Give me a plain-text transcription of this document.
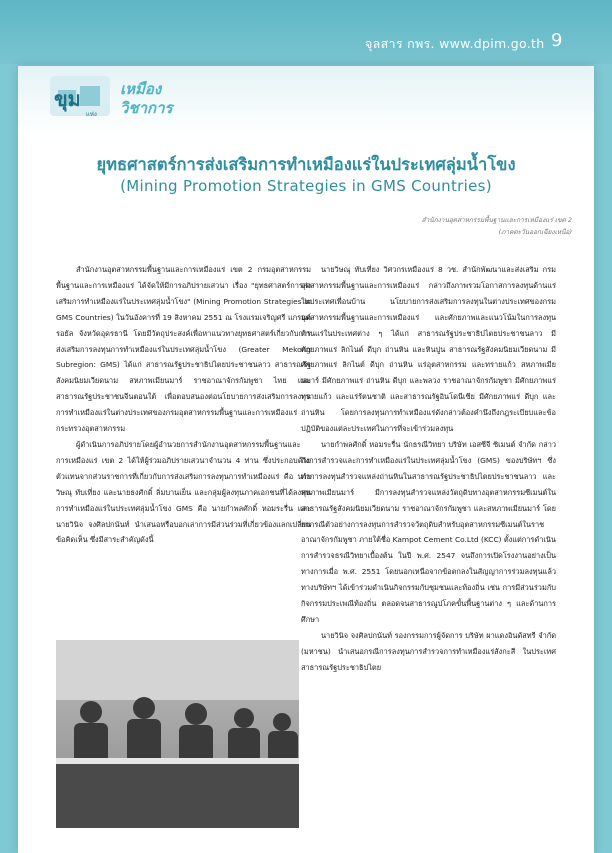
จุลสาร กพร. www.dpim.go.th 9
ขุม	เหมือง
แห่ง วิชาการ
ยุทธศาสตร์การส่งเสริมการทำเหมืองแร่ในประเทศลุ่มน้ำโขง
(Mining Promotion Strategies in GMS Countries)
สำนักงานอุตสาหกรรมพื้นฐานและการเหมืองแร่ เขต 2
(ภาคตะวันออกเฉียงเหนือ)

สำนักงานอุตสาหกรรมพื้นฐานและการเหมืองแร่ เขต 2 กรมอุตสาหกรรมพื้นฐานและการเหมืองแร่ ได้จัดให้มีการอภิปรายเสวนา เรื่อง "ยุทธศาสตร์การส่งเสริมการทำเหมืองแร่ในประเทศลุ่มน้ำโขง" (Mining Promotion Strategies in GMS Countries) ในวันอังคารที่ 19 สิงหาคม 2551 ณ โรงแรมเจริญศรี แกรนด์ รอยัล จังหวัดอุดรธานี โดยมีวัตถุประสงค์เพื่อหาแนวทางยุทธศาสตร์เกี่ยวกับการส่งเสริมการลงทุนการทำเหมืองแร่ในประเทศลุ่มน้ำโขง (Greater Mekong Subregion: GMS) ได้แก่ สาธารณรัฐประชาธิปไตยประชาชนลาว สาธารณรัฐสังคมนิยมเวียดนาม สหภาพเมียนมาร์ ราชอาณาจักรกัมพูชา ไทย และสาธารณรัฐประชาชนจีนตอนใต้ เพื่อตอบสนองต่อนโยบายการส่งเสริมการลงทุนการทำเหมืองแร่ในต่างประเทศของกรมอุตสาหกรรมพื้นฐานและการเหมืองแร่ กระทรวงอุตสาหกรรม

ผู้ดำเนินการอภิปรายโดยผู้อำนวยการสำนักงานอุตสาหกรรมพื้นฐานและการเหมืองแร่ เขต 2 ได้ให้ผู้ร่วมอภิปรายเสวนาจำนวน 4 ท่าน ซึ่งประกอบด้วยตัวแทนจากส่วนราชการที่เกี่ยวกับการส่งเสริมการลงทุนการทำเหมืองแร่ คือ นายวิษณุ ทับเที่ยง และนายธงศักดิ์ ลิ่มบานเย็น และกลุ่มผู้ลงทุนภาคเอกชนที่ได้ลงทุนการทำเหมืองแร่ในประเทศลุ่มน้ำโขง GMS คือ นายกำพลศักดิ์ หอมระรื่น และนายวินิจ จงศิลปกนันท์ นำเสนอหรือบอกเล่าการมีส่วนร่วมที่เกี่ยวข้องแลกเปลี่ยนข้อคิดเห็น ซึ่งมีสาระสำคัญดังนี้

นายวิษณุ ทับเที่ยง วิศวกรเหมืองแร่ 8 วช. สำนักพัฒนาและส่งเสริม กรมอุตสาหกรรมพื้นฐานและการเหมืองแร่ กล่าวถึงภาพรวมโอกาสการลงทุนด้านแร่ในประเทศเพื่อนบ้าน นโยบายการส่งเสริมการลงทุนในต่างประเทศของกรมอุตสาหกรรมพื้นฐานและการเหมืองแร่ และศักยภาพและแนวโน้มในการลงทุนด้านแร่ในประเทศต่าง ๆ ได้แก่ สาธารณรัฐประชาธิปไตยประชาชนลาว มีศักยภาพแร่ ลิกไนต์ ดีบุก ถ่านหิน และหินปูน สาธารณรัฐสังคมนิยมเวียดนาม มีศักยภาพแร่ ลิกไนต์ ดีบุก ถ่านหิน แร่อุตสาหกรรม และทรายแก้ว สหภาพเมียนมาร์ มีศักยภาพแร่ ถ่านหิน ดีบุก และพลวง ราชอาณาจักรกัมพูชา มีศักยภาพแร่ทรายแก้ว และแร่รัตนชาติ และสาธารณรัฐอินโดนีเซีย มีศักยภาพแร่ ดีบุก และถ่านหิน โดยการลงทุนการทำเหมืองแร่ดังกล่าวต้องคำนึงถึงกฎระเบียบและข้อปฏิบัติของแต่ละประเทศในการที่จะเข้าร่วมลงทุน

นายกำพลศักดิ์ หอมระรื่น นักธรณีวิทยา บริษัท เอสซีจี ซิเมนต์ จำกัด กล่าวถึงการสำรวจและการทำเหมืองแร่ในประเทศลุ่มน้ำโขง (GMS) ของบริษัทฯ ซึ่งทำการลงทุนสำรวจแหล่งถ่านหินในสาธารณรัฐประชาธิปไตยประชาชนลาว และสหภาพเมียนมาร์ มีการลงทุนสำรวจแหล่งวัตถุดิบทางอุตสาหกรรมซีเมนต์ในสาธารณรัฐสังคมนิยมเวียดนาม ราชอาณาจักรกัมพูชา และสหภาพเมียนมาร์ โดยยกกรณีตัวอย่างการลงทุนการสำรวจวัตถุดิบสำหรับอุตสาหกรรมซีเมนต์ในราชอาณาจักรกัมพูชา ภายใต้ชื่อ Kampot Cement Co.Ltd (KCC) ตั้งแต่การดำเนินการสำรวจธรณีวิทยาเบื้องต้น ในปี พ.ศ. 2547 จนถึงการเปิดโรงงานอย่างเป็นทางการเมื่อ พ.ศ. 2551 โดยนอกเหนือจากข้อตกลงในสัญญาการร่วมลงทุนแล้ว ทางบริษัทฯ ได้เข้าร่วมดำเนินกิจกรรมกับชุมชนและท้องถิ่น เช่น การมีส่วนร่วมกับกิจกรรมประเพณีท้องถิ่น ตลอดจนสาธารณูปโภคขั้นพื้นฐานต่าง ๆ และด้านการศึกษา

นายวินิจ จงศิลปกนันท์ รองกรรมการผู้จัดการ บริษัท ผาแดงอินดัสทรี จำกัด (มหาชน) นำเสนอกรณีการลงทุนการสำรวจการทำเหมืองแร่สังกะสี ในประเทศสาธารณรัฐประชาธิปไตย
